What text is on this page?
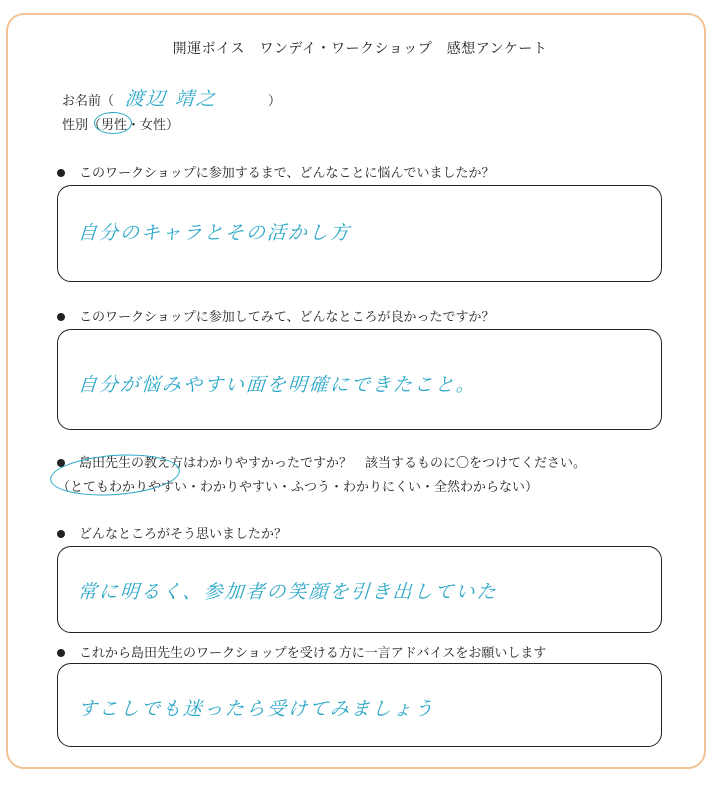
開運ボイス　ワンデイ・ワークショップ　感想アンケート
お名前（ 渡辺 靖之	）
性別（男性・女性）
このワークショップに参加するまで、どんなことに悩んでいましたか？
自分のキャラとその活かし方
このワークショップに参加してみて、どんなところが良かったですか？
自分が悩みやすい面を明確にできたこと。
島田先生の教え方はわかりやすかったですか？　該当するものに〇をつけてください。
（とてもわかりやすい・わかりやすい・ふつう・わかりにくい・全然わからない）
どんなところがそう思いましたか？
常に明るく、参加者の笑顔を引き出していた
これから島田先生のワークショップを受ける方に一言アドバイスをお願いします
すこしでも迷ったら受けてみましょう
